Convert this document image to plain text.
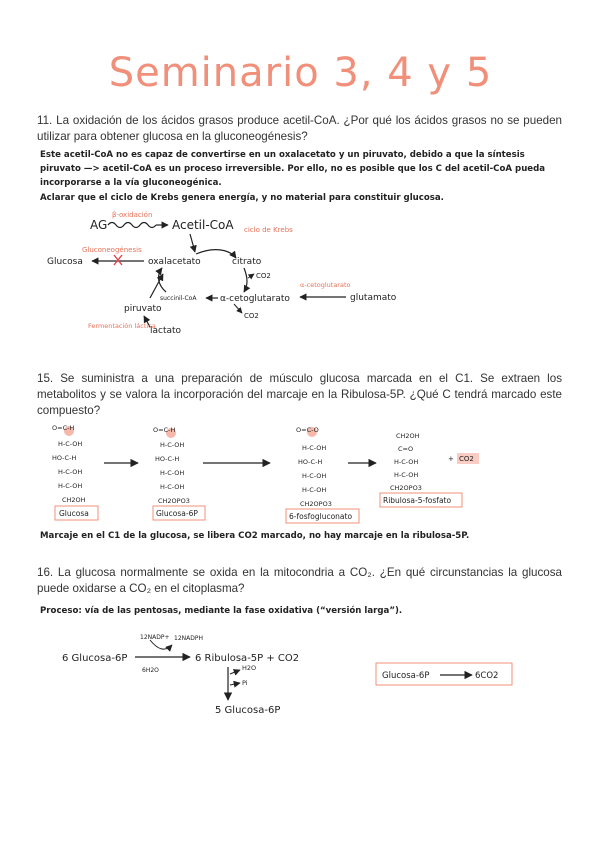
Seminario 3, 4 y 5
11. La oxidación de los ácidos grasos produce acetil-CoA. ¿Por qué los ácidos grasos no se pueden utilizar para obtener glucosa en la gluconeogénesis?
Este acetil-CoA no es capaz de convertirse en un oxalacetato y un piruvato, debido a que la síntesis piruvato —> acetil-CoA es un proceso irreversible. Por ello, no es posible que los C del acetil-CoA pueda incorporarse a la vía gluconeogénica.
Aclarar que el ciclo de Krebs genera energía, y no material para constituir glucosa.
AG
β-oxidación
Acetil-CoA ciclo de Krebs
Gluconeogénesis
Glucosa	oxalacetato	citrato
CO2
α-cetoglutarato
CO2
succinil-CoA
α-cetoglutarato
glutamato
piruvato
lactato
Fermentación láctica
15. Se suministra a una preparación de músculo glucosa marcada en el C1. Se extraen los metabolitos y se valora la incorporación del marcaje en la Ribulosa-5P. ¿Qué C tendrá marcado este compuesto?
O=C-H
H-C-OH
HO-C-H
H-C-OH
H-C-OH
CH2OH
O=C-H
H-C-OH
HO-C-H
H-C-OH
H-C-OH
CH2OPO3
O=C-O
H-C-OH
HO-C-H
H-C-OH
H-C-OH
CH2OPO3
CH2OH
C=O
H-C-OH
H-C-OH
CH2OPO3
+ CO2
Glucosa	Glucosa-6P	6-fosfogluconato
Ribulosa-5-fosfato
Marcaje en el C1 de la glucosa, se libera CO2 marcado, no hay marcaje en la ribulosa-5P.
16. La glucosa normalmente se oxida en la mitocondria a CO₂. ¿En qué circunstancias la glucosa puede oxidarse a CO₂ en el citoplasma?
Proceso: vía de las pentosas, mediante la fase oxidativa (“versión larga”).
6 Glucosa-6P
12NADP+ 12NADPH
6H2O
6 Ribulosa-5P + CO2
H2O
Pi
5 Glucosa-6P
Glucosa-6P	6CO2
